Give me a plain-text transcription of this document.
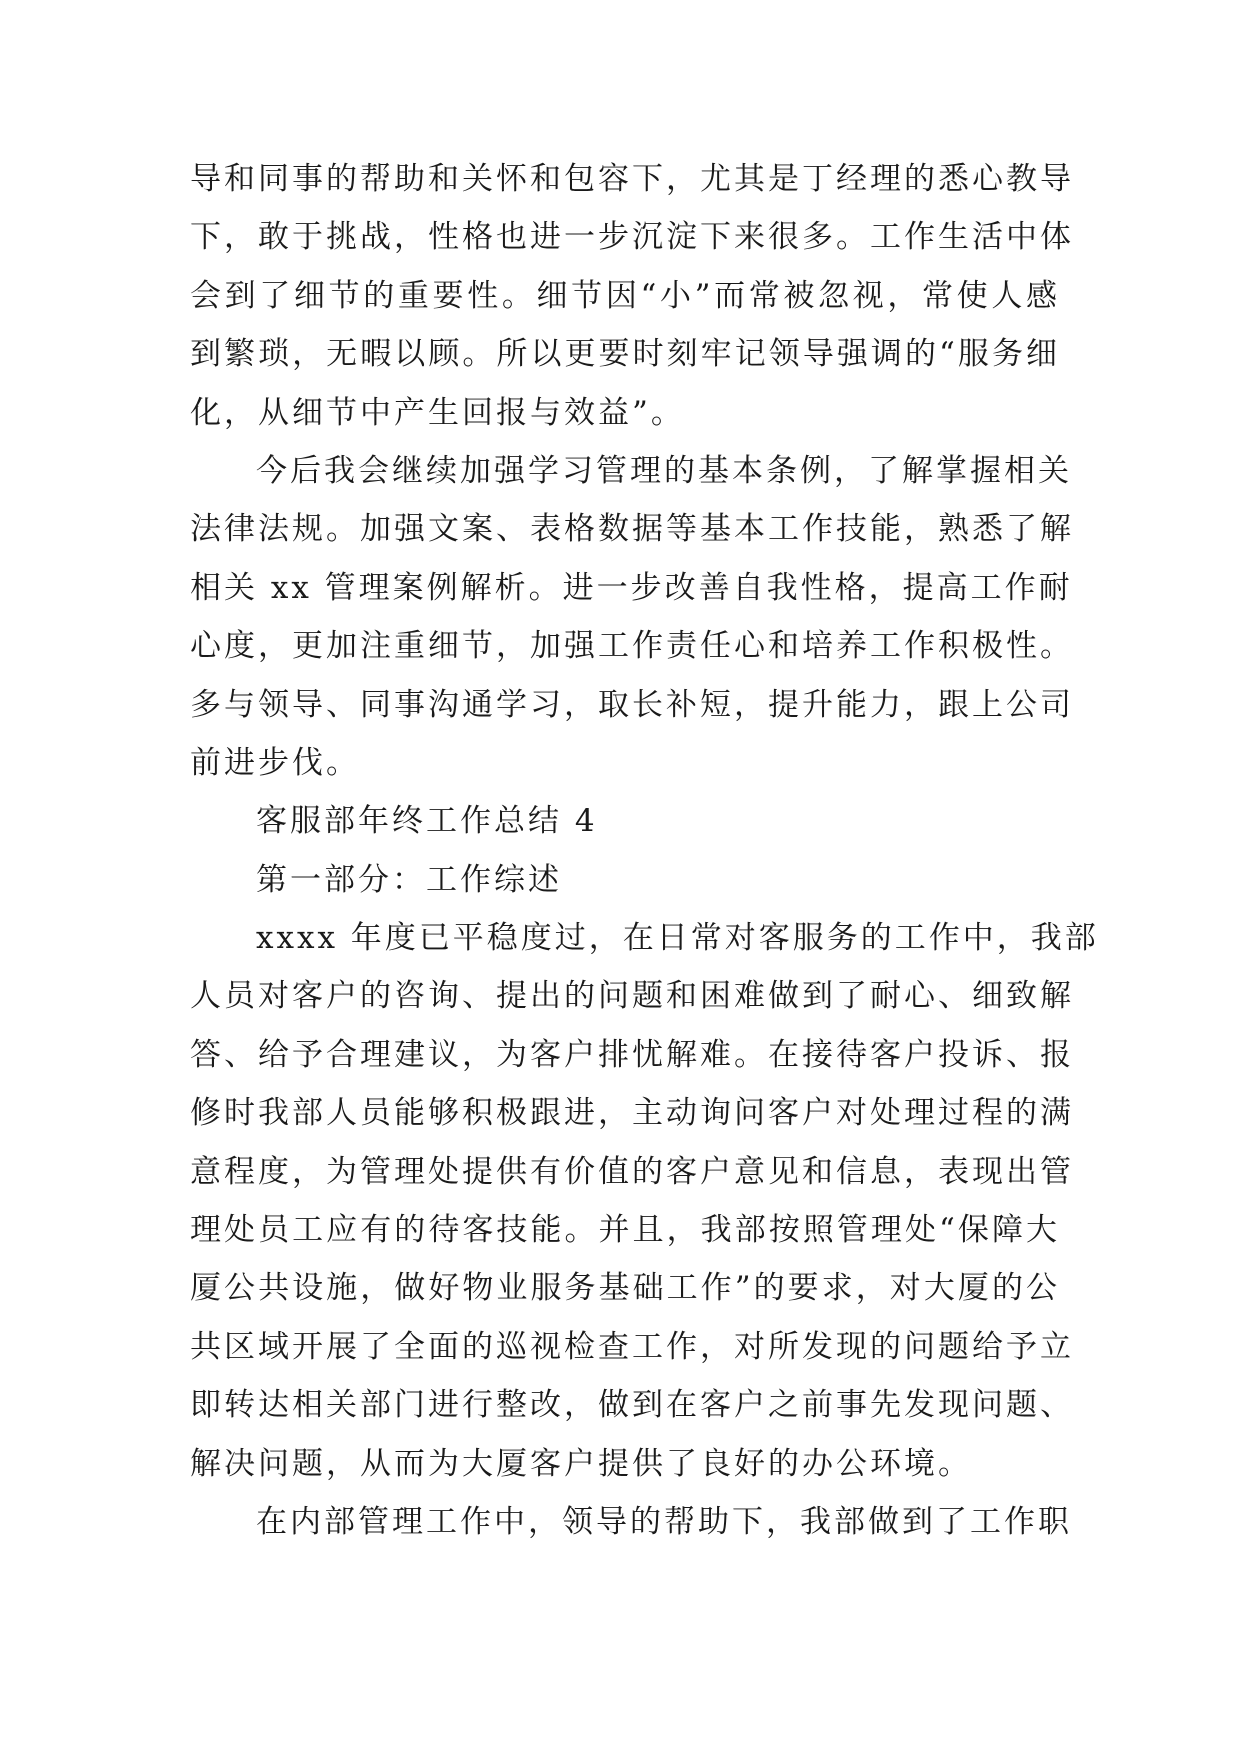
导和同事的帮助和关怀和包容下，尤其是丁经理的悉心教导
下，敢于挑战，性格也进一步沉淀下来很多。工作生活中体
会到了细节的重要性。细节因“小”而常被忽视，常使人感
到繁琐，无暇以顾。所以更要时刻牢记领导强调的“服务细
化，从细节中产生回报与效益”。
今后我会继续加强学习管理的基本条例，了解掌握相关
法律法规。加强文案、表格数据等基本工作技能，熟悉了解
相关 xx 管理案例解析。进一步改善自我性格，提高工作耐
心度，更加注重细节，加强工作责任心和培养工作积极性。
多与领导、同事沟通学习，取长补短，提升能力，跟上公司
前进步伐。
客服部年终工作总结 4
第一部分：工作综述
xxxx 年度已平稳度过，在日常对客服务的工作中，我部
人员对客户的咨询、提出的问题和困难做到了耐心、细致解
答、给予合理建议，为客户排忧解难。在接待客户投诉、报
修时我部人员能够积极跟进，主动询问客户对处理过程的满
意程度，为管理处提供有价值的客户意见和信息，表现出管
理处员工应有的待客技能。并且，我部按照管理处“保障大
厦公共设施，做好物业服务基础工作”的要求，对大厦的公
共区域开展了全面的巡视检查工作，对所发现的问题给予立
即转达相关部门进行整改，做到在客户之前事先发现问题、
解决问题，从而为大厦客户提供了良好的办公环境。
在内部管理工作中，领导的帮助下，我部做到了工作职
